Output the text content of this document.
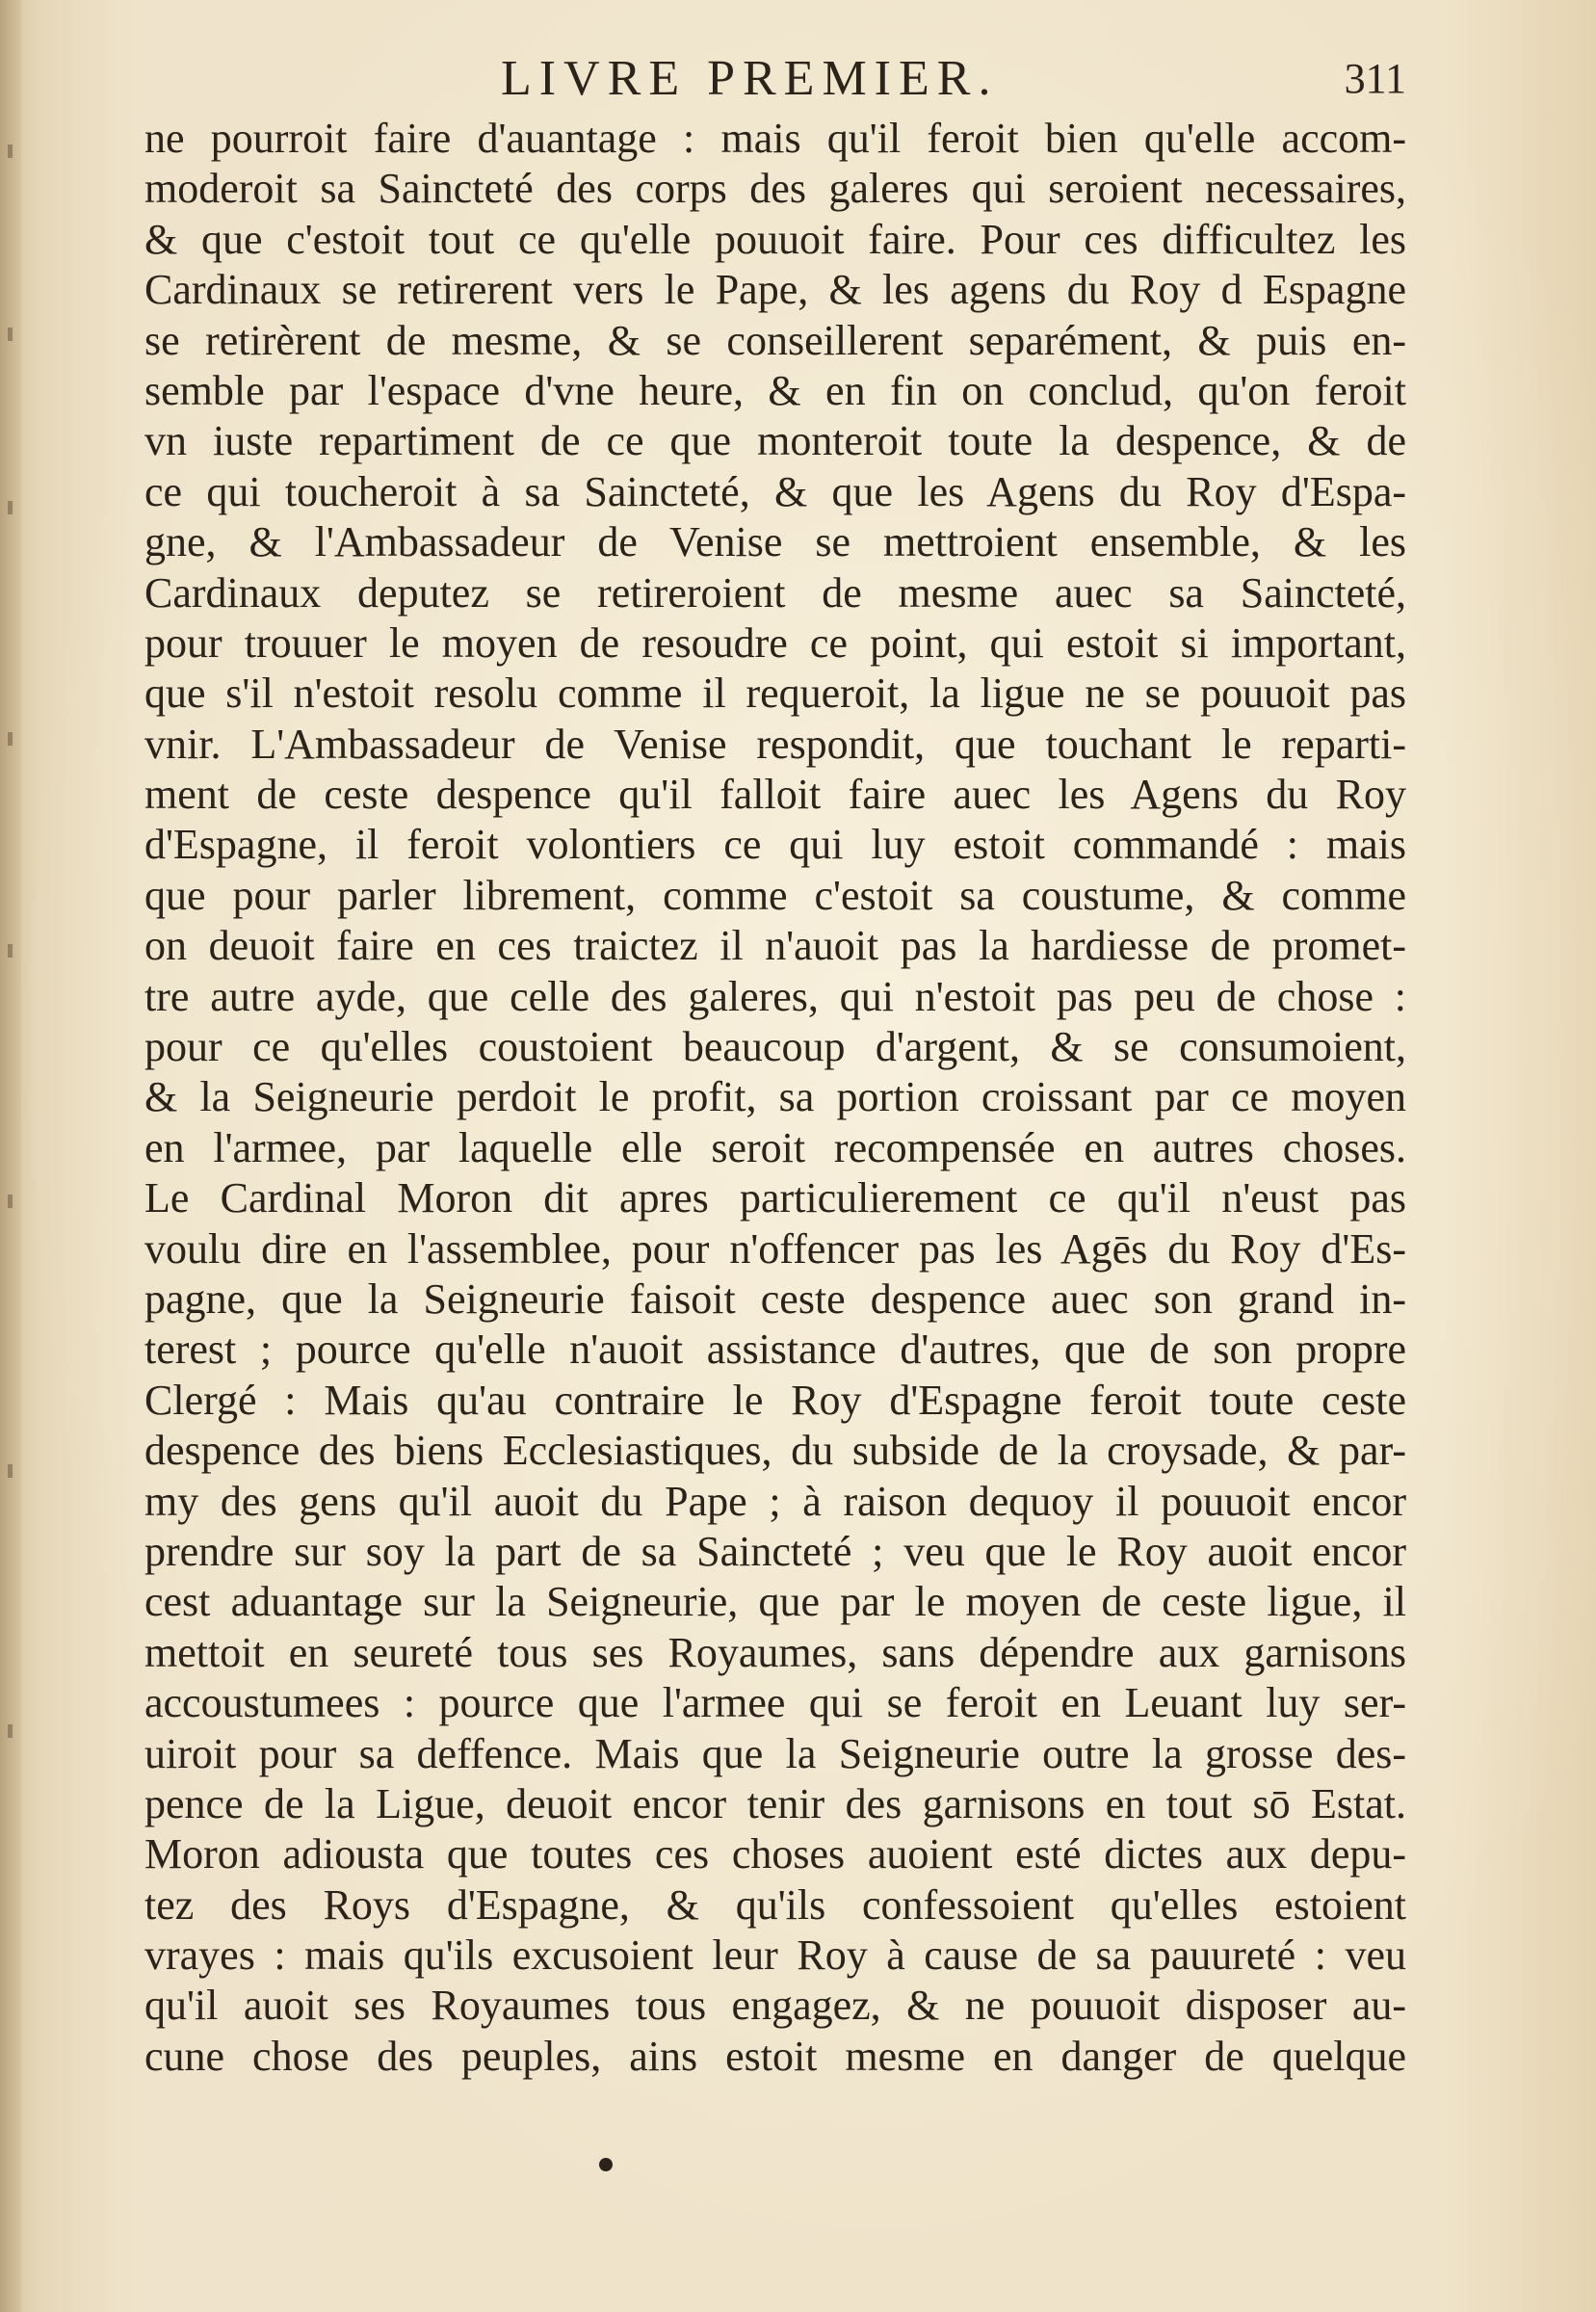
LIVRE PREMIER.	311
ne pourroit faire d'auantage : mais qu'il feroit bien qu'elle accom-
moderoit sa Saincteté des corps des galeres qui seroient necessaires,
& que c'estoit tout ce qu'elle pouuoit faire. Pour ces difficultez les
Cardinaux se retirerent vers le Pape, & les agens du Roy d Espagne
se retirèrent de mesme, & se conseillerent separément, & puis en-
semble par l'espace d'vne heure, & en fin on conclud, qu'on feroit
vn iuste repartiment de ce que monteroit toute la despence, & de
ce qui toucheroit à sa Saincteté, & que les Agens du Roy d'Espa-
gne, & l'Ambassadeur de Venise se mettroient ensemble, & les
Cardinaux deputez se retireroient de mesme auec sa Saincteté,
pour trouuer le moyen de resoudre ce point, qui estoit si important,
que s'il n'estoit resolu comme il requeroit, la ligue ne se pouuoit pas
vnir. L'Ambassadeur de Venise respondit, que touchant le reparti-
ment de ceste despence qu'il falloit faire auec les Agens du Roy
d'Espagne, il feroit volontiers ce qui luy estoit commandé : mais
que pour parler librement, comme c'estoit sa coustume, & comme
on deuoit faire en ces traictez il n'auoit pas la hardiesse de promet-
tre autre ayde, que celle des galeres, qui n'estoit pas peu de chose :
pour ce qu'elles coustoient beaucoup d'argent, & se consumoient,
& la Seigneurie perdoit le profit, sa portion croissant par ce moyen
en l'armee, par laquelle elle seroit recompensée en autres choses.
Le Cardinal Moron dit apres particulierement ce qu'il n'eust pas
voulu dire en l'assemblee, pour n'offencer pas les Agēs du Roy d'Es-
pagne, que la Seigneurie faisoit ceste despence auec son grand in-
terest ; pource qu'elle n'auoit assistance d'autres, que de son propre
Clergé : Mais qu'au contraire le Roy d'Espagne feroit toute ceste
despence des biens Ecclesiastiques, du subside de la croysade, & par-
my des gens qu'il auoit du Pape ; à raison dequoy il pouuoit encor
prendre sur soy la part de sa Saincteté ; veu que le Roy auoit encor
cest aduantage sur la Seigneurie, que par le moyen de ceste ligue, il
mettoit en seureté tous ses Royaumes, sans dépendre aux garnisons
accoustumees : pource que l'armee qui se feroit en Leuant luy ser-
uiroit pour sa deffence. Mais que la Seigneurie outre la grosse des-
pence de la Ligue, deuoit encor tenir des garnisons en tout sō Estat.
Moron adiousta que toutes ces choses auoient esté dictes aux depu-
tez des Roys d'Espagne, & qu'ils confessoient qu'elles estoient
vrayes : mais qu'ils excusoient leur Roy à cause de sa pauureté : veu
qu'il auoit ses Royaumes tous engagez, & ne pouuoit disposer au-
cune chose des peuples, ains estoit mesme en danger de quelque
